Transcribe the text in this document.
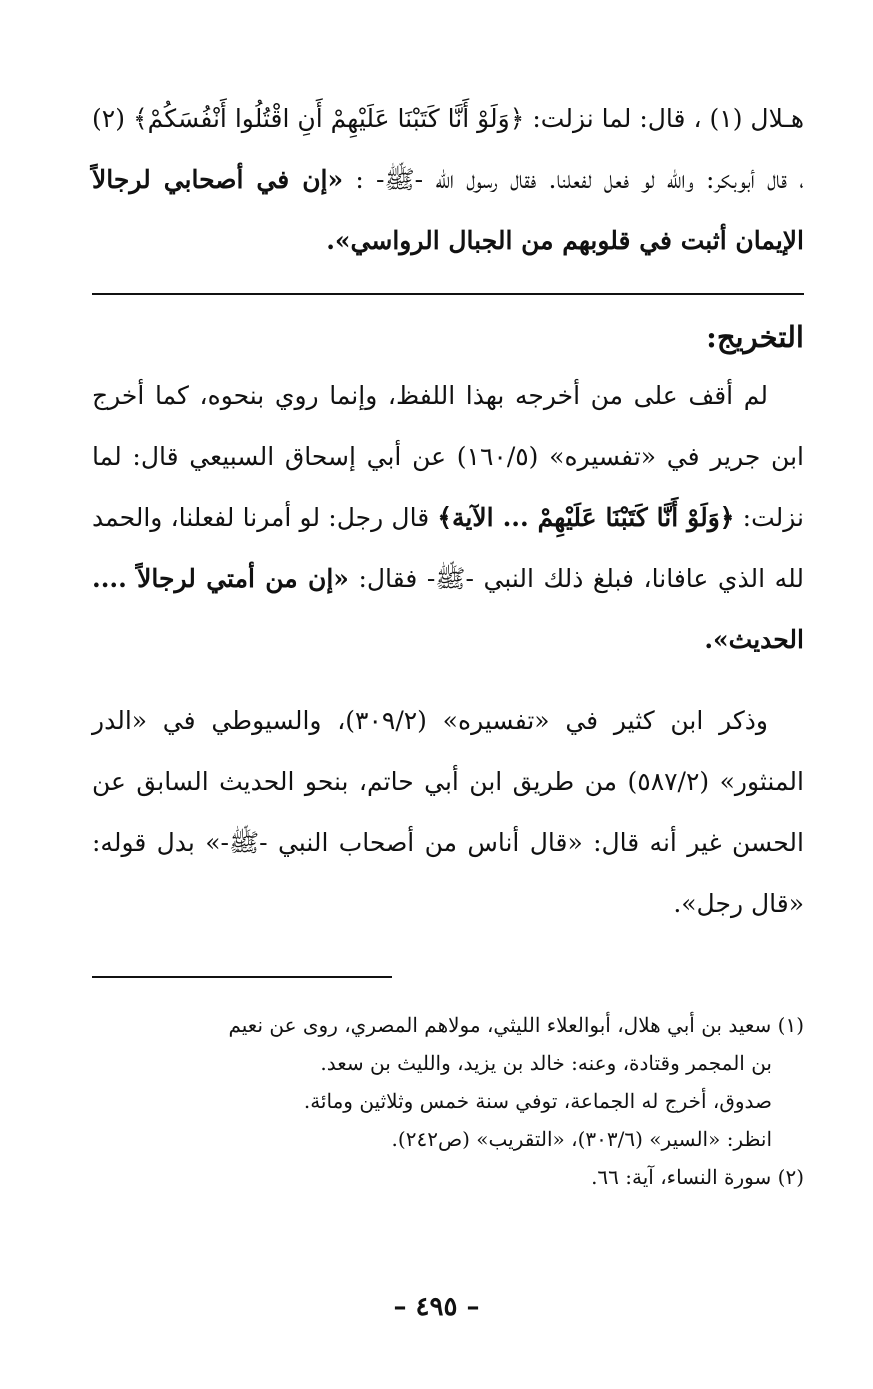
هـلال (١) ، قال: لما نزلت: ﴿وَلَوْ أَنَّا كَتَبْنَا عَلَيْهِمْ أَنِ اقْتُلُوا أَنْفُسَكُمْ﴾ (٢) ، قال أبوبكر: واللّه لو فعل لفعلنا. فقال رسول اللّه -ﷺ- : «إن في أصحابي لرجالاً الإيمان أثبت في قلوبهم من الجبال الرواسي».

التخريج:

لم أقف على من أخرجه بهذا اللفظ، وإنما روي بنحوه، كما أخرج ابن جرير في «تفسيره» (١٦٠/٥) عن أبي إسحاق السبيعي قال: لما نزلت: ﴿وَلَوْ أَنَّا كَتَبْنَا عَلَيْهِمْ ... الآية﴾ قال رجل: لو أمرنا لفعلنا، والحمد لله الذي عافانا، فبلغ ذلك النبي -ﷺ- فقال: «إن من أمتي لرجالاً .... الحديث».

وذكر ابن كثير في «تفسيره» (٣٠٩/٢)، والسيوطي في «الدر المنثور» (٥٨٧/٢) من طريق ابن أبي حاتم، بنحو الحديث السابق عن الحسن غير أنه قال: «قال أناس من أصحاب النبي -ﷺ-» بدل قوله: «قال رجل».

(١) سعيد بن أبي هلال، أبوالعلاء الليثي، مولاهم المصري، روى عن نعيم

بن المجمر وقتادة، وعنه: خالد بن يزيد، والليث بن سعد.

صدوق، أخرج له الجماعة، توفي سنة خمس وثلاثين ومائة.

انظر: «السير» (٣٠٣/٦)، «التقريب» (ص٢٤٢).

(٢) سورة النساء، آية: ٦٦.

– ٤٩٥ –
